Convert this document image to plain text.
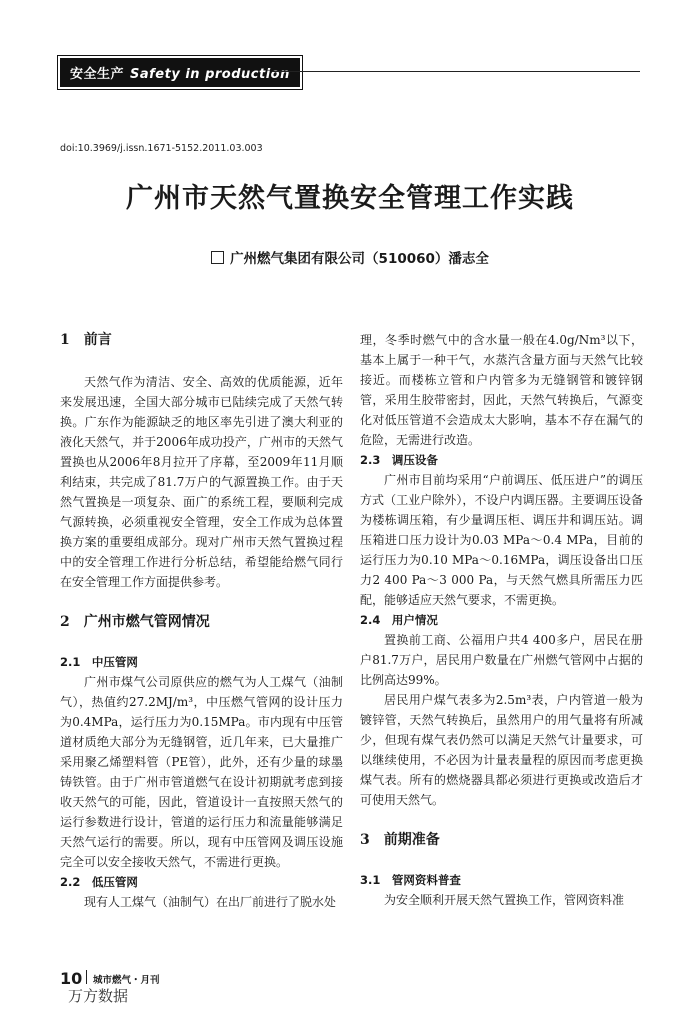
安全生产 Safety in production
doi:10.3969/j.issn.1671-5152.2011.03.003
广州市天然气置换安全管理工作实践
广州燃气集团有限公司（510060）潘志全

1　前言

天然气作为清洁、安全、高效的优质能源，近年来发展迅速，全国大部分城市已陆续完成了天然气转换。广东作为能源缺乏的地区率先引进了澳大利亚的液化天然气，并于2006年成功投产，广州市的天然气置换也从2006年8月拉开了序幕，至2009年11月顺利结束，共完成了81.7万户的气源置换工作。由于天然气置换是一项复杂、面广的系统工程，要顺利完成气源转换，必须重视安全管理，安全工作成为总体置换方案的重要组成部分。现对广州市天然气置换过程中的安全管理工作进行分析总结，希望能给燃气同行在安全管理工作方面提供参考。

2　广州市燃气管网情况

2.1　中压管网

广州市煤气公司原供应的燃气为人工煤气（油制气），热值约27.2MJ/m³，中压燃气管网的设计压力为0.4MPa，运行压力为0.15MPa。市内现有中压管道材质绝大部分为无缝钢管，近几年来，已大量推广采用聚乙烯塑料管（PE管），此外，还有少量的球墨铸铁管。由于广州市管道燃气在设计初期就考虑到接收天然气的可能，因此，管道设计一直按照天然气的运行参数进行设计，管道的运行压力和流量能够满足天然气运行的需要。所以，现有中压管网及调压设施完全可以安全接收天然气，不需进行更换。

2.2　低压管网

现有人工煤气（油制气）在出厂前进行了脱水处

理，冬季时燃气中的含水量一般在4.0g/Nm³以下，基本上属于一种干气，水蒸汽含量方面与天然气比较接近。而楼栋立管和户内管多为无缝钢管和镀锌钢管，采用生胶带密封，因此，天然气转换后，气源变化对低压管道不会造成太大影响，基本不存在漏气的危险，无需进行改造。

2.3　调压设备

广州市目前均采用“户前调压、低压进户”的调压方式（工业户除外），不设户内调压器。主要调压设备为楼栋调压箱，有少量调压柜、调压井和调压站。调压箱进口压力设计为0.03 MPa～0.4 MPa，目前的运行压力为0.10 MPa～0.16MPa，调压设备出口压力2 400 Pa～3 000 Pa，与天然气燃具所需压力匹配，能够适应天然气要求，不需更换。

2.4　用户情况

置换前工商、公福用户共4 400多户，居民在册户81.7万户，居民用户数量在广州燃气管网中占据的比例高达99%。

居民用户煤气表多为2.5m³表，户内管道一般为镀锌管，天然气转换后，虽然用户的用气量将有所减少，但现有煤气表仍然可以满足天然气计量要求，可以继续使用，不必因为计量表量程的原因而考虑更换煤气表。所有的燃烧器具都必须进行更换或改造后才可使用天然气。

3　前期准备

3.1　管网资料普查

为安全顺利开展天然气置换工作，管网资料准

10 城市燃气・月刊
万方数据
